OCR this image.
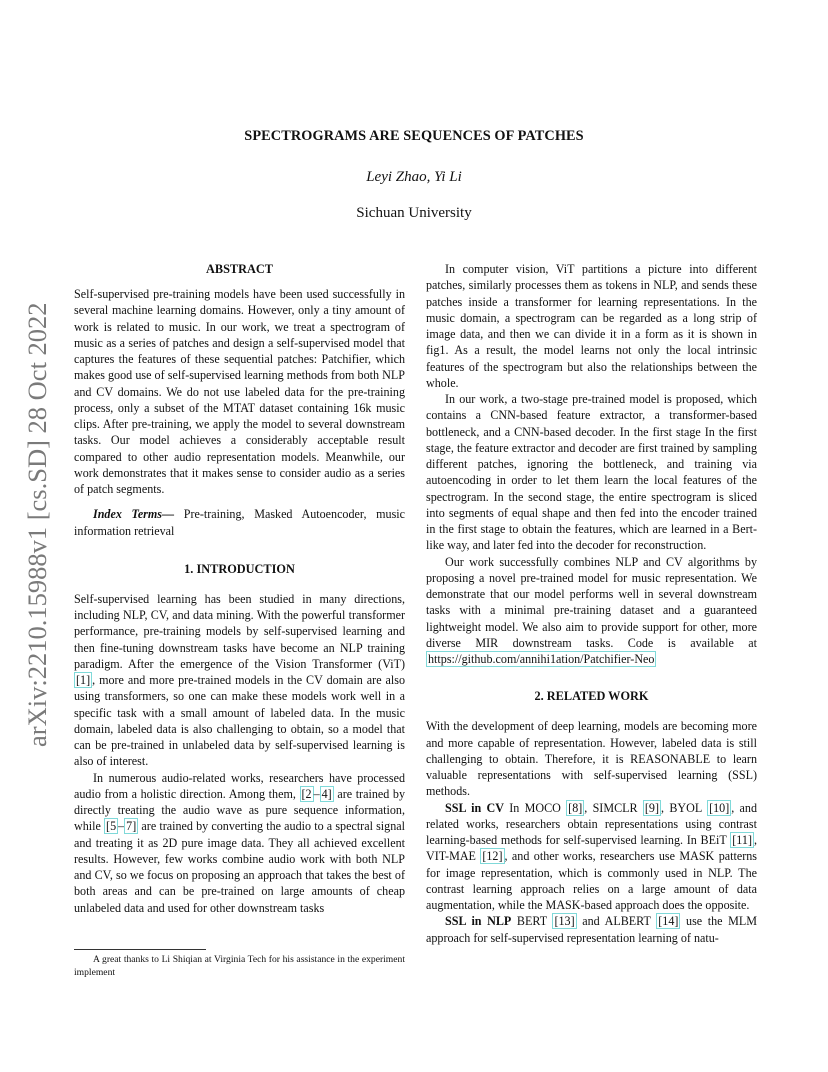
arXiv:2210.15988v1 [cs.SD] 28 Oct 2022
SPECTROGRAMS ARE SEQUENCES OF PATCHES
Leyi Zhao, Yi Li
Sichuan University
ABSTRACT

Self-supervised pre-training models have been used successfully in several machine learning domains. However, only a tiny amount of work is related to music. In our work, we treat a spectrogram of music as a series of patches and design a self-supervised model that captures the features of these sequential patches: Patchifier, which makes good use of self-supervised learning methods from both NLP and CV domains. We do not use labeled data for the pre-training process, only a subset of the MTAT dataset containing 16k music clips. After pre-training, we apply the model to several downstream tasks. Our model achieves a considerably acceptable result compared to other audio representation models. Meanwhile, our work demonstrates that it makes sense to consider audio as a series of patch segments.

Index Terms— Pre-training, Masked Autoencoder, music information retrieval

1. INTRODUCTION

Self-supervised learning has been studied in many directions, including NLP, CV, and data mining. With the powerful transformer performance, pre-training models by self-supervised learning and then fine-tuning downstream tasks have become an NLP training paradigm. After the emergence of the Vision Transformer (ViT) [1] , more and more pre-trained models in the CV domain are also using transformers, so one can make these models work well in a specific task with a small amount of labeled data. In the music domain, labeled data is also challenging to obtain, so a model that can be pre-trained in unlabeled data by self-supervised learning is also of interest.

In numerous audio-related works, researchers have processed audio from a holistic direction. Among them, [2 – 4] are trained by directly treating the audio wave as pure sequence information, while [5 – 7] are trained by converting the audio to a spectral signal and treating it as 2D pure image data. They all achieved excellent results. However, few works combine audio work with both NLP and CV, so we focus on proposing an approach that takes the best of both areas and can be pre-trained on large amounts of cheap unlabeled data and used for other downstream tasks

A great thanks to Li Shiqian at Virginia Tech for his assistance in the experiment implement

In computer vision, ViT partitions a picture into different patches, similarly processes them as tokens in NLP, and sends these patches inside a transformer for learning representations. In the music domain, a spectrogram can be regarded as a long strip of image data, and then we can divide it in a form as it is shown in fig1. As a result, the model learns not only the local intrinsic features of the spectrogram but also the relationships between the whole.

In our work, a two-stage pre-trained model is proposed, which contains a CNN-based feature extractor, a transformer-based bottleneck, and a CNN-based decoder. In the first stage In the first stage, the feature extractor and decoder are first trained by sampling different patches, ignoring the bottleneck, and training via autoencoding in order to let them learn the local features of the spectrogram. In the second stage, the entire spectrogram is sliced into segments of equal shape and then fed into the encoder trained in the first stage to obtain the features, which are learned in a Bert-like way, and later fed into the decoder for reconstruction.

Our work successfully combines NLP and CV algorithms by proposing a novel pre-trained model for music representation. We demonstrate that our model performs well in several downstream tasks with a minimal pre-training dataset and a guaranteed lightweight model. We also aim to provide support for other, more diverse MIR downstream tasks. Code is available at https://github.com/annihi1ation/Patchifier-Neo

2. RELATED WORK

With the development of deep learning, models are becoming more and more capable of representation. However, labeled data is still challenging to obtain. Therefore, it is REASONABLE to learn valuable representations with self-supervised learning (SSL) methods.

SSL in CV In MOCO [8] , SIMCLR [9] , BYOL [10] , and related works, researchers obtain representations using contrast learning-based methods for self-supervised learning. In BEiT [11] , VIT-MAE [12] , and other works, researchers use MASK patterns for image representation, which is commonly used in NLP. The contrast learning approach relies on a large amount of data augmentation, while the MASK-based approach does the opposite.

SSL in NLP BERT [13] and ALBERT [14] use the MLM approach for self-supervised representation learning of natu-
